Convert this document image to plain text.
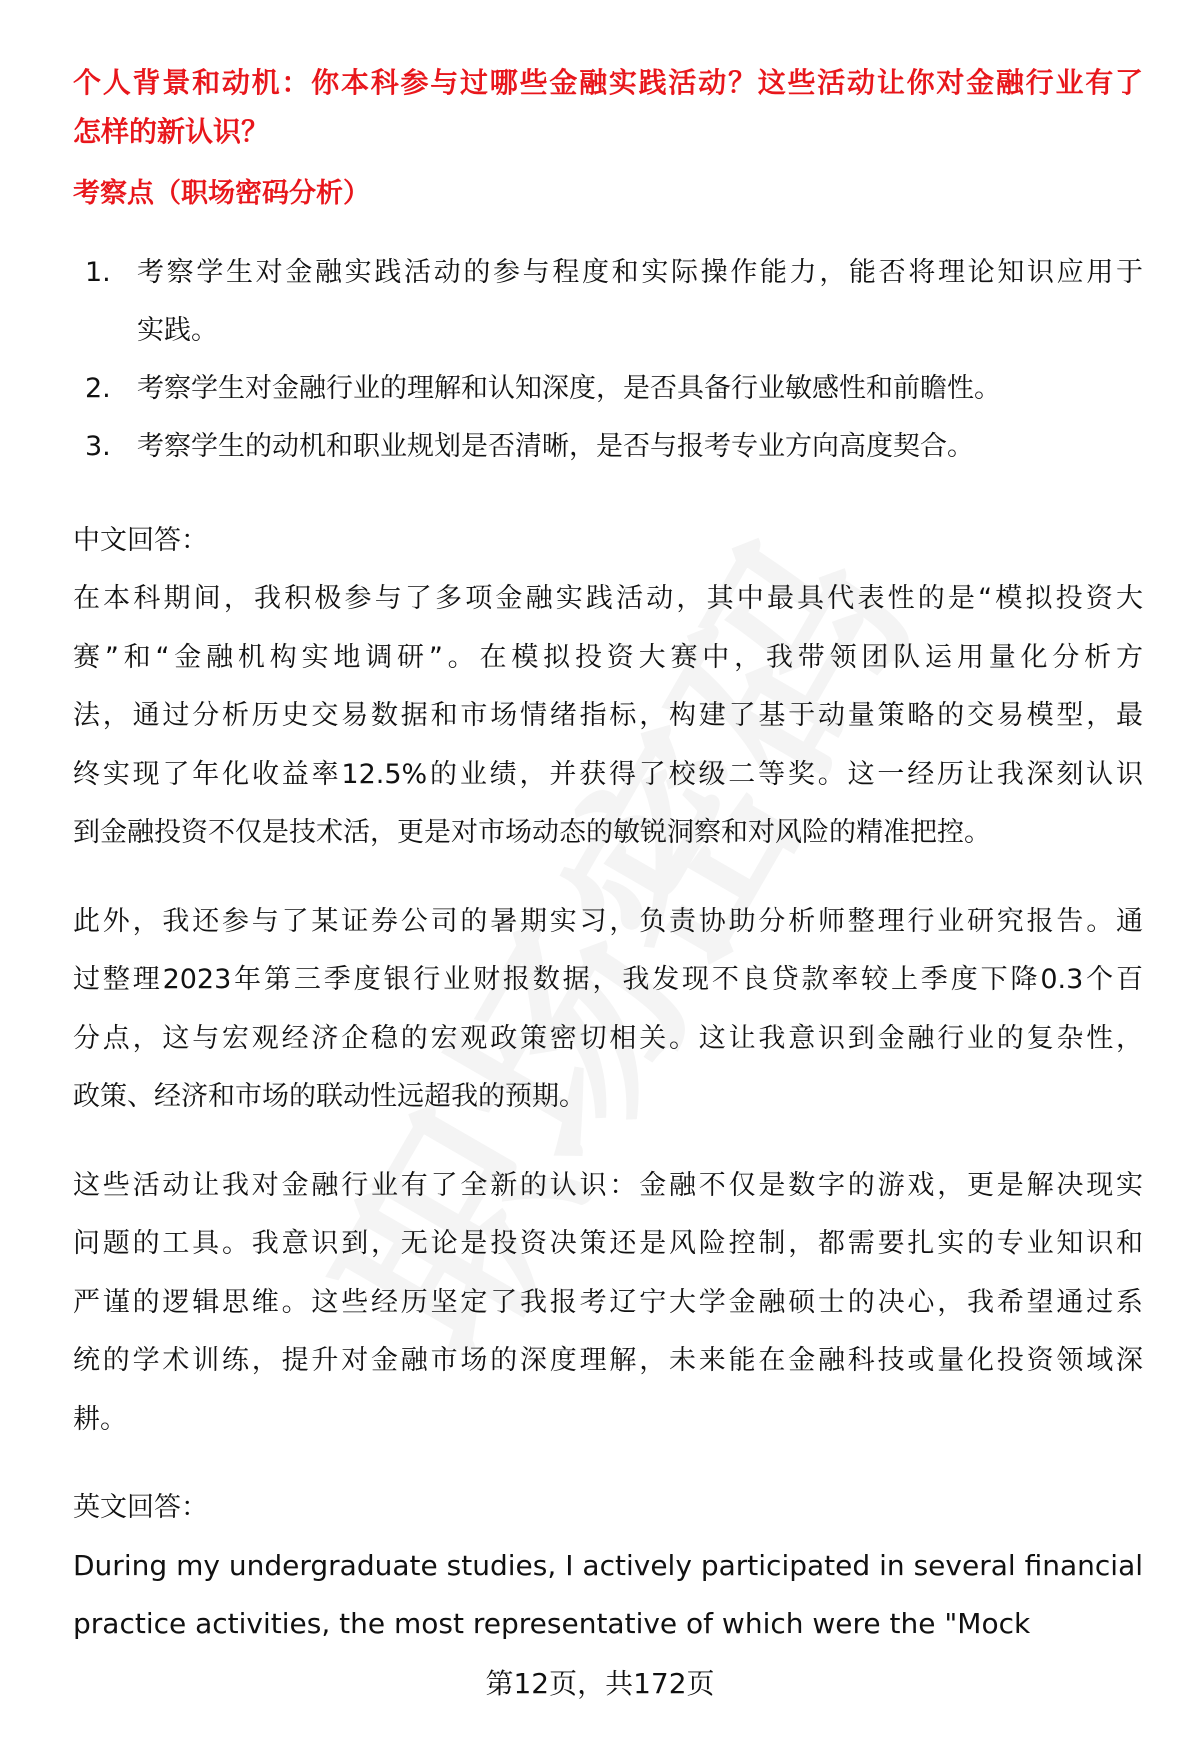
个人背景和动机：你本科参与过哪些金融实践活动？这些活动让你对金融行业有了
怎样的新认识？
考察点（职场密码分析）
1. 考察学生对金融实践活动的参与程度和实际操作能力，能否将理论知识应用于
实践。
2. 考察学生对金融行业的理解和认知深度，是否具备行业敏感性和前瞻性。
3. 考察学生的动机和职业规划是否清晰，是否与报考专业方向高度契合。
中文回答：
在本科期间，我积极参与了多项金融实践活动，其中最具代表性的是“模拟投资大
赛”和“金融机构实地调研”。在模拟投资大赛中，我带领团队运用量化分析方
法，通过分析历史交易数据和市场情绪指标，构建了基于动量策略的交易模型，最
终实现了年化收益率12.5%的业绩，并获得了校级二等奖。这一经历让我深刻认识
到金融投资不仅是技术活，更是对市场动态的敏锐洞察和对风险的精准把控。
此外，我还参与了某证券公司的暑期实习，负责协助分析师整理行业研究报告。通
过整理2023年第三季度银行业财报数据，我发现不良贷款率较上季度下降0.3个百
分点，这与宏观经济企稳的宏观政策密切相关。这让我意识到金融行业的复杂性，
政策、经济和市场的联动性远超我的预期。
这些活动让我对金融行业有了全新的认识：金融不仅是数字的游戏，更是解决现实
问题的工具。我意识到，无论是投资决策还是风险控制，都需要扎实的专业知识和
严谨的逻辑思维。这些经历坚定了我报考辽宁大学金融硕士的决心，我希望通过系
统的学术训练，提升对金融市场的深度理解，未来能在金融科技或量化投资领域深
耕。
英文回答：
During my undergraduate studies, I actively participated in several financial
practice activities, the most representative of which were the "Mock
第12页，共172页
